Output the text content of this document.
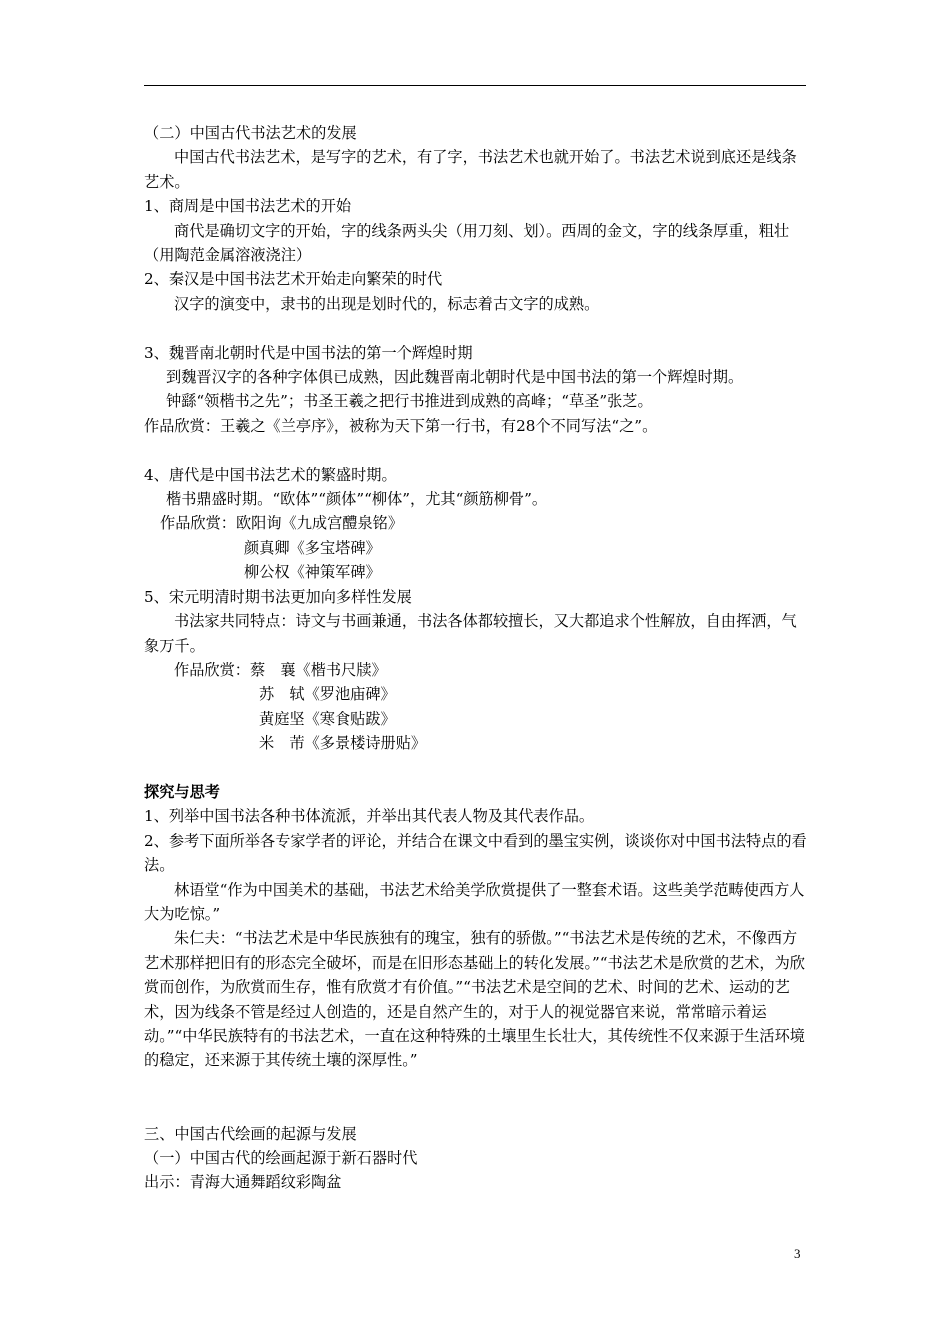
（二）中国古代书法艺术的发展

中国古代书法艺术，是写字的艺术，有了字，书法艺术也就开始了。书法艺术说到底还是线条艺术。

1、商周是中国书法艺术的开始

商代是确切文字的开始，字的线条两头尖（用刀刻、划）。西周的金文，字的线条厚重，粗壮（用陶范金属溶液浇注）

2、秦汉是中国书法艺术开始走向繁荣的时代

汉字的演变中，隶书的出现是划时代的，标志着古文字的成熟。

3、魏晋南北朝时代是中国书法的第一个辉煌时期

到魏晋汉字的各种字体俱已成熟，因此魏晋南北朝时代是中国书法的第一个辉煌时期。

钟繇“领楷书之先”；书圣王羲之把行书推进到成熟的高峰；“草圣”张芝。

作品欣赏：王羲之《兰亭序》，被称为天下第一行书，有28个不同写法“之”。

4、唐代是中国书法艺术的繁盛时期。

楷书鼎盛时期。“欧体”“颜体”“柳体”，尤其“颜筋柳骨”。

作品欣赏：欧阳询《九成宫醴泉铭》

颜真卿《多宝塔碑》

柳公权《神策军碑》

5、宋元明清时期书法更加向多样性发展

书法家共同特点：诗文与书画兼通，书法各体都较擅长，又大都追求个性解放，自由挥洒，气象万千。

作品欣赏：蔡　襄《楷书尺牍》

苏　轼《罗池庙碑》

黄庭坚《寒食贴跋》

米　芾《多景楼诗册贴》

探究与思考

1、列举中国书法各种书体流派，并举出其代表人物及其代表作品。

2、参考下面所举各专家学者的评论，并结合在课文中看到的墨宝实例，谈谈你对中国书法特点的看法。

林语堂“作为中国美术的基础，书法艺术给美学欣赏提供了一整套术语。这些美学范畴使西方人大为吃惊。”

朱仁夫：“书法艺术是中华民族独有的瑰宝，独有的骄傲。”“书法艺术是传统的艺术，不像西方艺术那样把旧有的形态完全破坏，而是在旧形态基础上的转化发展。”“书法艺术是欣赏的艺术，为欣赏而创作，为欣赏而生存，惟有欣赏才有价值。”“书法艺术是空间的艺术、时间的艺术、运动的艺术，因为线条不管是经过人创造的，还是自然产生的，对于人的视觉器官来说，常常暗示着运动。”“中华民族特有的书法艺术，一直在这种特殊的土壤里生长壮大，其传统性不仅来源于生活环境的稳定，还来源于其传统土壤的深厚性。”

三、中国古代绘画的起源与发展

（一）中国古代的绘画起源于新石器时代

出示：青海大通舞蹈纹彩陶盆

3
